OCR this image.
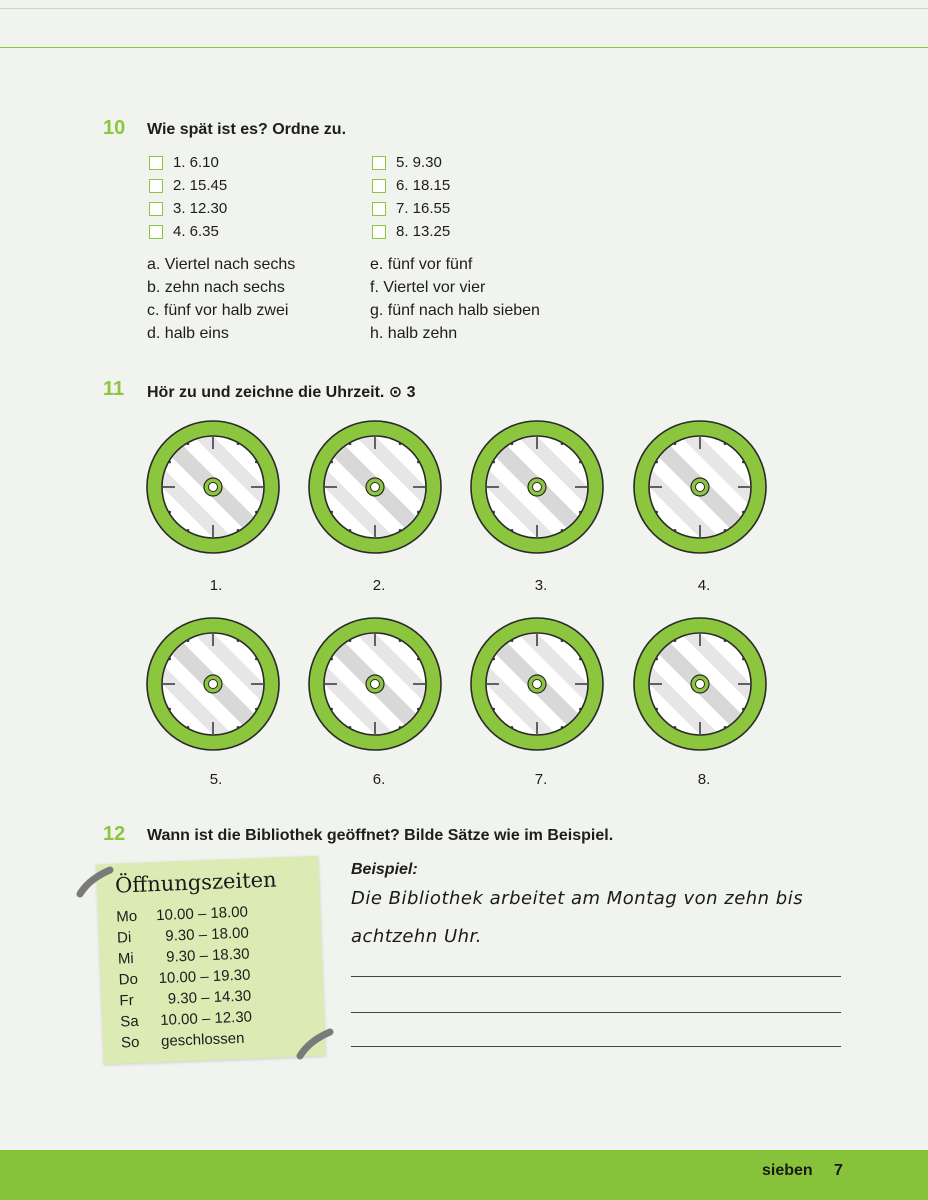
10 Wie spät ist es? Ordne zu.
1. 6.10
2. 15.45
3. 12.30
4. 6.35
5. 9.30
6. 18.15
7. 16.55
8. 13.25
a. Viertel nach sechs
b. zehn nach sechs
c. fünf vor halb zwei
d. halb eins
e. fünf vor fünf
f. Viertel vor vier
g. fünf nach halb sieben
h. halb zehn
11 Hör zu und zeichne die Uhrzeit. ⊙ 3
1.	2.	3.	4.
5.	6.	7.	8.
12 Wann ist die Bibliothek geöffnet? Bilde Sätze wie im Beispiel.
Öffnungszeiten
Mo	10.00 – 18.00
Di	9.30 – 18.00
Mi	9.30 – 18.30
Do	10.00 – 19.30
Fr	9.30 – 14.30
Sa	10.00 – 12.30
So	geschlossen
Beispiel:
Die Bibliothek arbeitet am Montag von zehn bis
achtzehn Uhr.
sieben 7
